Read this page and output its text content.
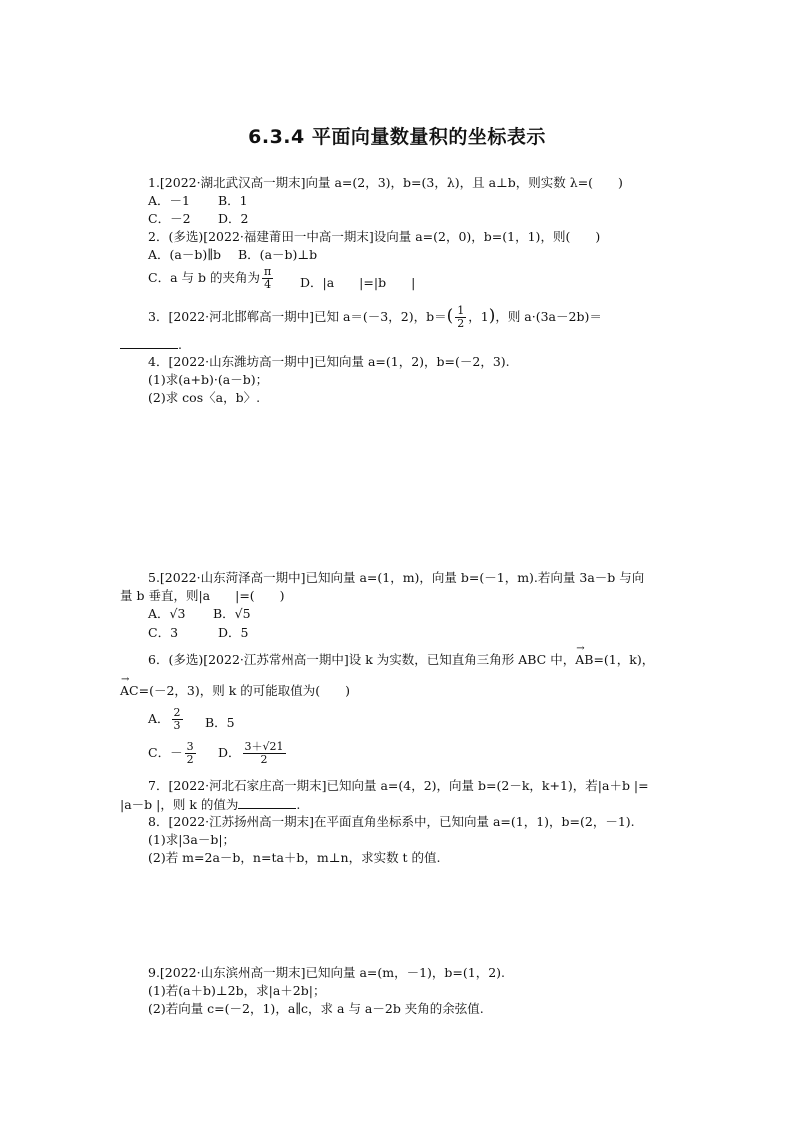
6.3.4 平面向量数量积的坐标表示
1.[2022·湖北武汉高一期末]向量 a=(2，3)，b=(3，λ)，且 a⊥b，则实数 λ=(　　)
A．－1 B．1
C．－2 D．2
2．(多选)[2022·福建莆田一中高一期末]设向量 a=(2，0)，b=(1，1)，则(　　)
A．(a－b)∥b B．(a－b)⊥b
C．a 与 b 的夹角为 $\frac{\pi}{4}$ D．|a　　|=|b　　|
3．[2022·河北邯郸高一期中]已知 a＝(－3，2)，$b=( \frac{1}{2}$ ，1)，则 a·(3a－2b)＝
.
4．[2022·山东潍坊高一期中]已知向量 a=(1，2)，b=(－2，3).
(1)求(a+b)·(a－b)；
(2)求 cos〈a，b〉.
5.[2022·山东菏泽高一期中]已知向量 a=(1，m)，向量 b=(－1，m).若向量 3a－b 与向
量 b 垂直，则|a　　|=(　　)
A．√3 B．√5
C．3	D．5
6．(多选)[2022·江苏常州高一期中]设 k 为实数，已知直角三角形 ABC 中，→ AB=(1，k)，
→ AC=(－2，3)，则 k 的可能取值为(　　)
A． $\frac{2}{3}$ B．5
C．－ $\frac{3}{2}$ D． $\frac{3+√21}{2}$
7．[2022·河北石家庄高一期末]已知向量 a=(4，2)，向量 b=(2－k，k+1)，若|a＋b |=
|a－b |，则 k 的值为	.
8．[2022·江苏扬州高一期末]在平面直角坐标系中，已知向量 a=(1，1)，b=(2，－1).
(1)求|3a－b|；
(2)若 m=2a－b，n=ta＋b，m⊥n，求实数 t 的值.
9.[2022·山东滨州高一期末]已知向量 a=(m，－1)，b=(1，2).
(1)若(a＋b)⊥2b，求|a＋2b|；
(2)若向量 c=(－2，1)，a∥c，求 a 与 a－2b 夹角的余弦值.
